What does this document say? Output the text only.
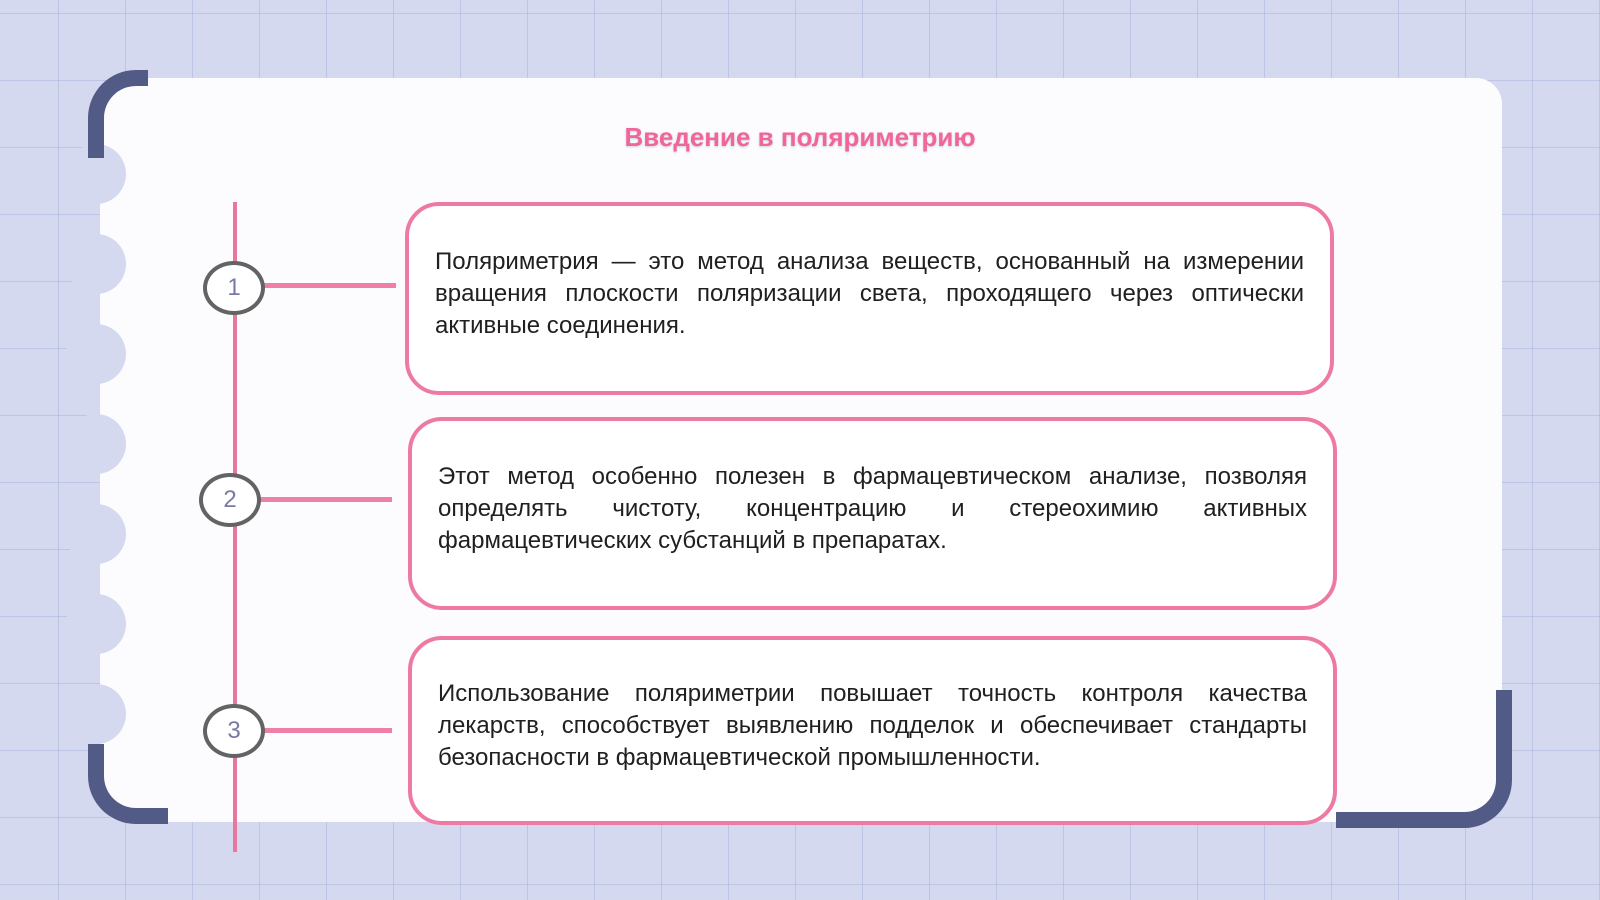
Введение в поляриметрию
1
2
3

Поляриметрия — это метод анализа веществ, основанный на измерении вращения плоскости поляризации света, проходящего через оптически активные соединения.

Этот метод особенно полезен в фармацевтическом анализе, позволяя определять чистоту, концентрацию и стереохимию активных фармацевтических субстанций в препаратах.

Использование поляриметрии повышает точность контроля качества лекарств, способствует выявлению подделок и обеспечивает стандарты безопасности в фармацевтической промышленности.
